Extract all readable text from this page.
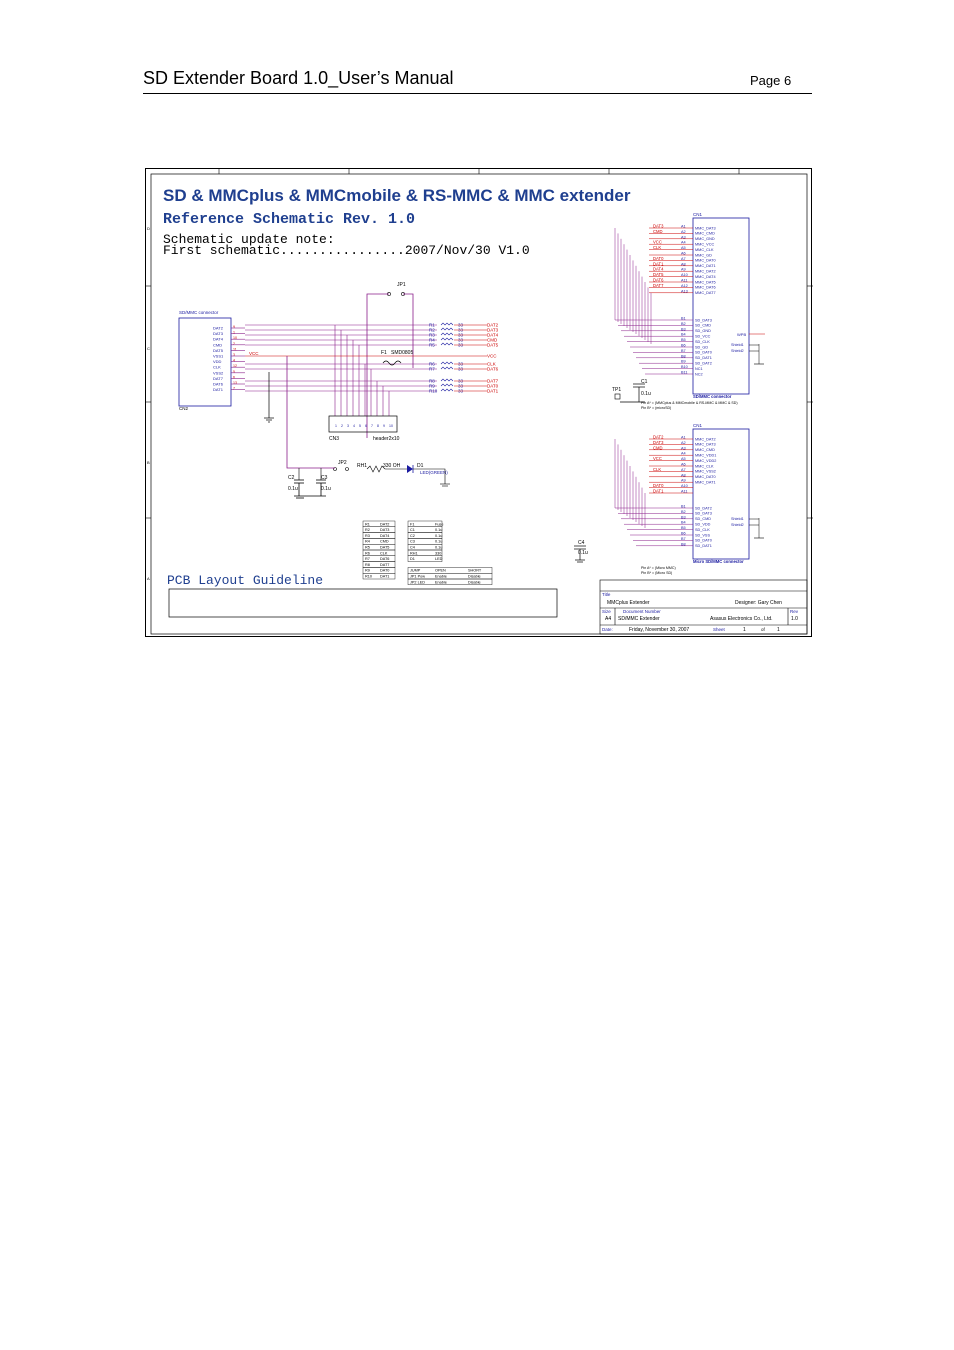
SD Extender Board 1.0_User’s Manual	Page 6
SD & MMCplus & MMCmobile & RS-MMC & MMC extender
Reference Schematic Rev. 1.0
Schematic update note:
First schematic................2007/Nov/30 V1.0
SD/MMC connector
CN2
DAT2	9
DAT3	1
DAT4	10
CMD	2
DAT5	11
VSS1	3
VDD	4
CLK	12
VSS2	5
DAT7	6
DAT6	13
DAT1	7
JP1
R1	33	DAT2
R2	33	DAT3
R3	33	DAT4
R4	33	CMD
R5	33	DAT5
R6	33	CLK
R7	33	DAT6
R8	33	DAT7
R9	33	DAT0
R10	33	DAT1
VCC	VCC
F1 SMD0805
CN3	header2x10
1 2 3 4 5 6 7 8 9 10
JP2 RH1	330 OH	D1
LED(GREEN)
C2
0.1u
C3
0.1u
CN1
A1 MMC_DAT3
DAT3
A2 MMC_CMD
CMD
A3 MMC_GND
A4 MMC_VCC
VCC
A5 MMC_CLK
CLK
A6 MMC_GD
A7 MMC_DAT0
DAT0
A8 MMC_DAT1
DAT1
A9 MMC_DAT2
DAT4
A10 MMC_DAT4
DAT5
A11 MMC_DAT5
DAT6
A12 MMC_DAT6
DAT7
A13 MMC_DAT7
B1 SD_DAT3
B2 SD_CMD
B3 SD_GND
B4 SD_VCC
B5 SD_CLK
B6 SD_GD
B7 SD_DAT0
B8 SD_DAT1
B9 SD_DAT2
B10 NC1
B11 NC2
Shield1
Shield2
SD/MMC connector
Pin A* = (MMCplus & MMCmobile & RS-MMC & MMC & SD)
Pin B* = (microSD)
WPB
CN1
A1 MMC_DAT2
DAT2
A2 MMC_DAT3
DAT3
A3 MMC_CMD
CMD
A4 MMC_VDD1
A5 MMC_VDD2
VCC
A6 MMC_CLK
A7 MMC_VSS2
CLK
A8 MMC_DAT0
A9 MMC_DAT1
A10
DAT0
A11
DAT1
B1 SD_DAT2
B2 SD_DAT3
B3 SD_CMD
B4 SD_VDD
B5 SD_CLK
B6 SD_VSS
B7 SD_DAT0
B8 SD_DAT1
Shield1
Shield2
Micro SD/MMC connector
Pin A* = (Micro MMC)
Pin B* = (Micro SD)
TP1
C1
0.1u
C4
0.1u
R1	DAT2	F1	Fuse
R2	DAT3	C1	0.1u
R3	DAT4	C2	0.1u
R4	CMD	C3	0.1u
R5	DAT5	C4	0.1u
R6	CLK	RH1	330
R7	DAT6	D1	LED
R8	DAT7
R9	DAT0	JUMP	OPEN	SHORT
R10 DAT1	JP1 Pow	Enable	Disable
JP2 LED	Enable	Disable
PCB Layout Guideline
Title
MMCplus Extender	Designer: Gary Chen
Size
A4
Document Number
SD/MMC Extender	Asasus Electronics Co., Ltd.
Rev
1.0
Date:	Friday, November 30, 2007	Sheet	1	of 1
D
C
B
A
